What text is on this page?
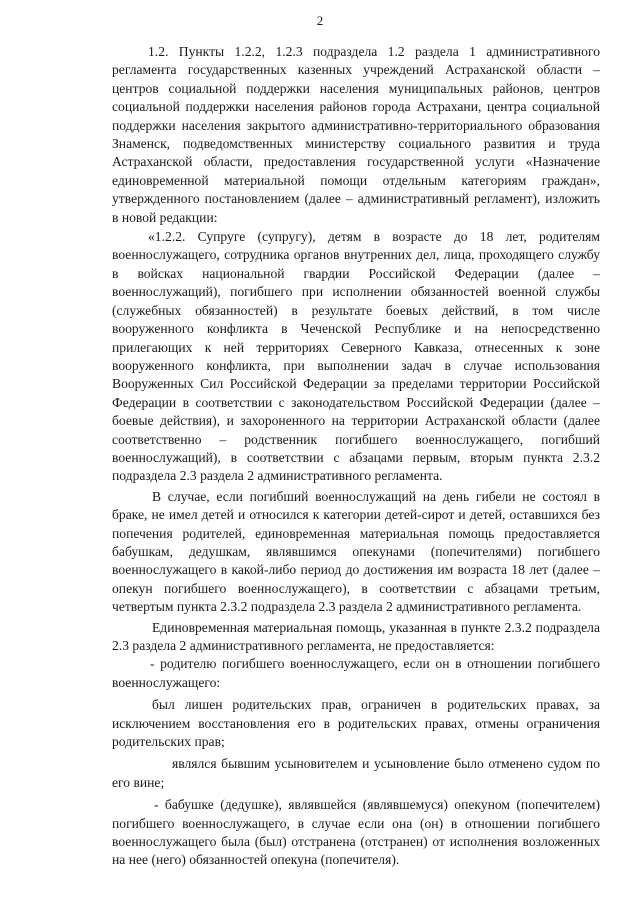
2

1.2. Пункты 1.2.2, 1.2.3 подраздела 1.2 раздела 1 административного регламента государственных казенных учреждений Астраханской области – центров социальной поддержки населения муниципальных районов, центров социальной поддержки населения районов города Астрахани, центра социальной поддержки населения закрытого административно-территориального образования Знаменск, подведомственных министерству социального развития и труда Астраханской области, предоставления государственной услуги «Назначение единовременной материальной помощи отдельным категориям граждан», утвержденного постановлением (далее – административный регламент), изложить в новой редакции:

«1.2.2. Супруге (супругу), детям в возрасте до 18 лет, родителям военнослужащего, сотрудника органов внутренних дел, лица, проходящего службу в войсках национальной гвардии Российской Федерации (далее – военнослужащий), погибшего при исполнении обязанностей военной службы (служебных обязанностей) в результате боевых действий, в том числе вооруженного конфликта в Чеченской Республике и на непосредственно прилегающих к ней территориях Северного Кавказа, отнесенных к зоне вооруженного конфликта, при выполнении задач в случае использования Вооруженных Сил Российской Федерации за пределами территории Российской Федерации в соответствии с законодательством Российской Федерации (далее – боевые действия), и захороненного на территории Астраханской области (далее соответственно – родственник погибшего военнослужащего, погибший военнослужащий), в соответствии с абзацами первым, вторым пункта 2.3.2 подраздела 2.3 раздела 2 административного регламента.

В случае, если погибший военнослужащий на день гибели не состоял в браке, не имел детей и относился к категории детей-сирот и детей, оставшихся без попечения родителей, единовременная материальная помощь предоставляется бабушкам, дедушкам, являвшимся опекунами (попечителями) погибшего военнослужащего в какой-либо период до достижения им возраста 18 лет (далее – опекун погибшего военнослужащего), в соответствии с абзацами третьим, четвертым пункта 2.3.2 подраздела 2.3 раздела 2 административного регламента.

Единовременная материальная помощь, указанная в пункте 2.3.2 подраздела 2.3 раздела 2 административного регламента, не предоставляется:

- родителю погибшего военнослужащего, если он в отношении погибшего военнослужащего:

был лишен родительских прав, ограничен в родительских правах, за исключением восстановления его в родительских правах, отмены ограничения родительских прав;

являлся бывшим усыновителем и усыновление было отменено судом по его вине;

- бабушке (дедушке), являвшейся (являвшемуся) опекуном (попечителем) погибшего военнослужащего, в случае если она (он) в отношении погибшего военнослужащего была (был) отстранена (отстранен) от исполнения возложенных на нее (него) обязанностей опекуна (попечителя).
